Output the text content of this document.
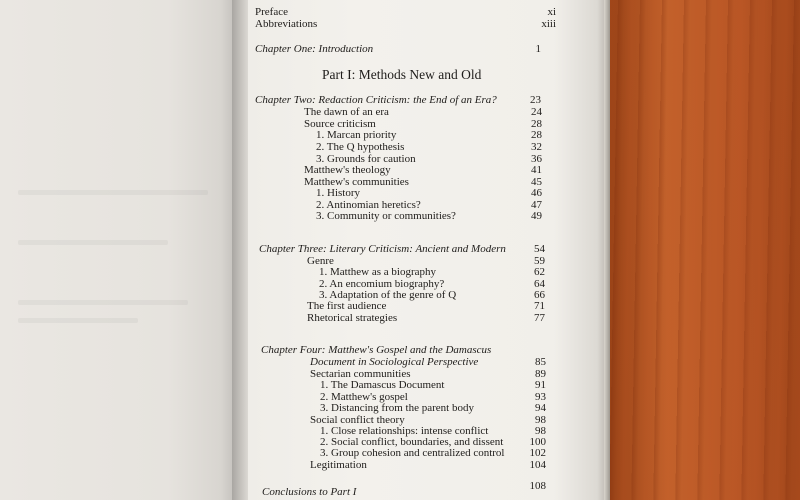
Preface	xi
Abbreviations	xiii
Chapter One: Introduction	1
Part I: Methods New and Old
Chapter Two: Redaction Criticism: the End of an Era?	23
The dawn of an era	24
Source criticism	28
1. Marcan priority	28
2. The Q hypothesis	32
3. Grounds for caution	36
Matthew's theology	41
Matthew's communities	45
1. History	46
2. Antinomian heretics?	47
3. Community or communities?	49
Chapter Three: Literary Criticism: Ancient and Modern	54
Genre	59
1. Matthew as a biography	62
2. An encomium biography?	64
3. Adaptation of the genre of Q	66
The first audience	71
Rhetorical strategies	77
Chapter Four: Matthew's Gospel and the Damascus
Document in Sociological Perspective	85
Sectarian communities	89
1. The Damascus Document	91
2. Matthew's gospel	93
3. Distancing from the parent body	94
Social conflict theory	98
1. Close relationships: intense conflict	98
2. Social conflict, boundaries, and dissent	100
3. Group cohesion and centralized control	102
Legitimation	104
Conclusions to Part I	108
